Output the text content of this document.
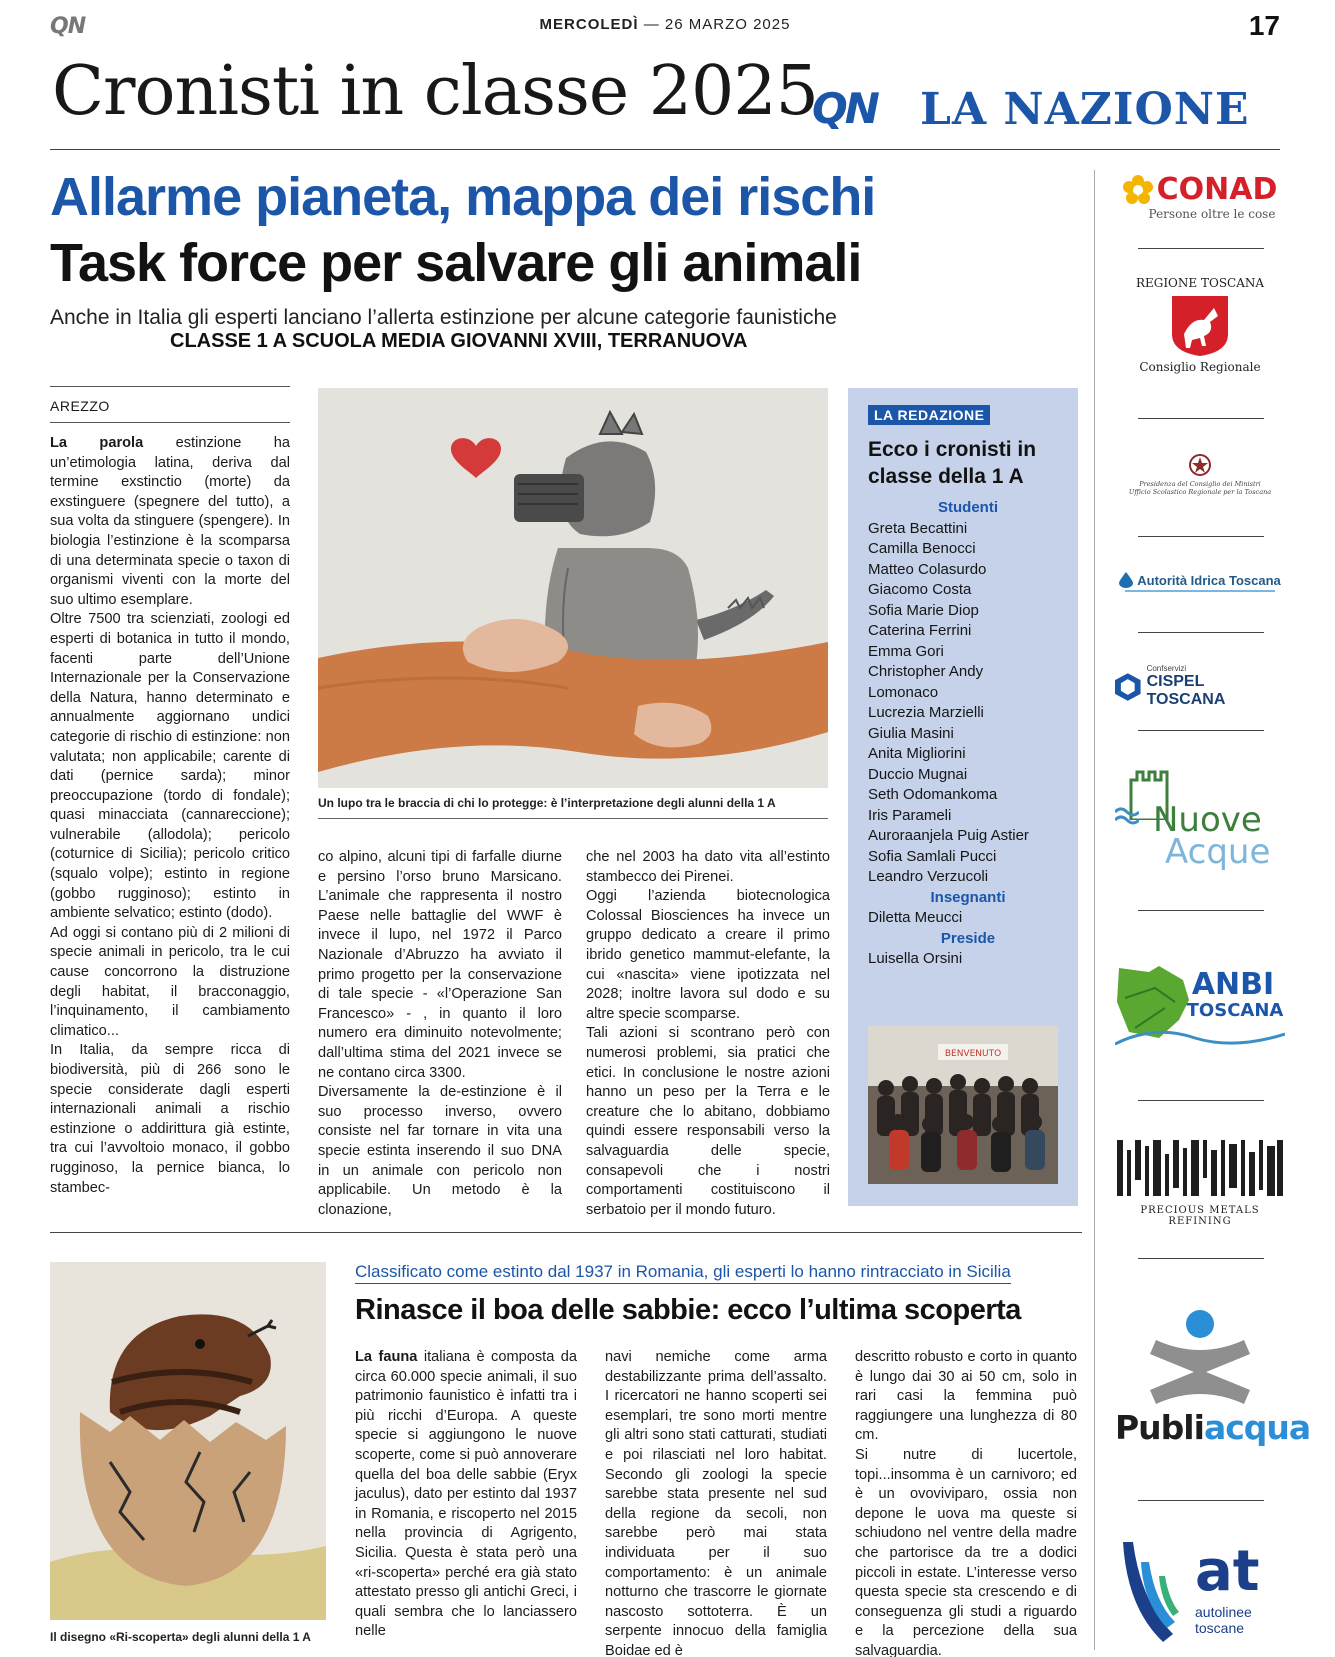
QN	MERCOLEDÌ — 26 MARZO 2025	17
Cronisti in classe 2025
QN LA NAZIONE
Allarme pianeta, mappa dei rischi
Task force per salvare gli animali
Anche in Italia gli esperti lanciano l’allerta estinzione per alcune categorie faunistiche
CLASSE 1 A SCUOLA MEDIA GIOVANNI XVIII, TERRANUOVA
AREZZO

La parola estinzione ha un’etimologia latina, deriva dal termine exstinctio (morte) da exstinguere (spegnere del tutto), a sua volta da stinguere (spengere). In biologia l’estinzione è la scomparsa di una determinata specie o taxon di organismi viventi con la morte del suo ultimo esemplare.

Oltre 7500 tra scienziati, zoologi ed esperti di botanica in tutto il mondo, facenti parte dell’Unione Internazionale per la Conservazione della Natura, hanno determinato e annualmente aggiornano undici categorie di rischio di estinzione: non valutata; non applicabile; carente di dati (pernice sarda); minor preoccupazione (tordo di fondale); quasi minacciata (cannareccione); vulnerabile (allodola); pericolo (coturnice di Sicilia); pericolo critico (squalo volpe); estinto in regione (gobbo rugginoso); estinto in ambiente selvatico; estinto (dodo).

Ad oggi si contano più di 2 milioni di specie animali in pericolo, tra le cui cause concorrono la distruzione degli habitat, il bracconaggio, l’inquinamento, il cambiamento climatico...

In Italia, da sempre ricca di biodiversità, più di 266 sono le specie considerate dagli esperti internazionali animali a rischio estinzione o addirittura già estinte, tra cui l’avvoltoio monaco, il gobbo rugginoso, la pernice bianca, lo stambec-

Un lupo tra le braccia di chi lo protegge: è l’interpretazione degli alunni della 1 A

co alpino, alcuni tipi di farfalle diurne e persino l’orso bruno Marsicano. L’animale che rappresenta il nostro Paese nelle battaglie del WWF è invece il lupo, nel 1972 il Parco Nazionale d’Abruzzo ha avviato il primo progetto per la conservazione di tale specie - «l’Operazione San Francesco» - , in quanto il loro numero era diminuito notevolmente; dall’ultima stima del 2021 invece se ne contano circa 3300.

Diversamente la de-estinzione è il suo processo inverso, ovvero consiste nel far tornare in vita una specie estinta inserendo il suo DNA in un animale con pericolo non applicabile. Un metodo è la clonazione,

che nel 2003 ha dato vita all’estinto stambecco dei Pirenei.

Oggi l’azienda biotecnologica Colossal Biosciences ha invece un gruppo dedicato a creare il primo ibrido genetico mammut-elefante, la cui «nascita» viene ipotizzata nel 2028; inoltre lavora sul dodo e su altre specie scomparse.

Tali azioni si scontrano però con numerosi problemi, sia pratici che etici. In conclusione le nostre azioni hanno un peso per la Terra e le creature che lo abitano, dobbiamo quindi essere responsabili verso la salvaguardia delle specie, consapevoli che i nostri comportamenti costituiscono il serbatoio per il mondo futuro.

LA REDAZIONE
Ecco i cronisti in classe della 1 A
Studenti
Greta Becattini
Camilla Benocci
Matteo Colasurdo
Giacomo Costa
Sofia Marie Diop
Caterina Ferrini
Emma Gori
Christopher Andy
Lomonaco
Lucrezia Marzielli
Giulia Masini
Anita Migliorini
Duccio Mugnai
Seth Odomankoma
Iris Parameli
Auroraanjela Puig Astier
Sofia Samlali Pucci
Leandro Verzucoli
Insegnanti
Diletta Meucci
Preside
Luisella Orsini
BENVENUTO
Il disegno «Ri-scoperta» degli alunni della 1 A
Classificato come estinto dal 1937 in Romania, gli esperti lo hanno rintracciato in Sicilia
Rinasce il boa delle sabbie: ecco l’ultima scoperta

La fauna italiana è composta da circa 60.000 specie animali, il suo patrimonio faunistico è infatti tra i più ricchi d’Europa. A queste specie si aggiungono le nuove scoperte, come si può annoverare quella del boa delle sabbie (Eryx jaculus), dato per estinto dal 1937 in Romania, e riscoperto nel 2015 nella provincia di Agrigento, Sicilia. Questa è stata però una «ri-scoperta» perché era già stato attestato presso gli antichi Greci, i quali sembra che lo lanciassero nelle

navi nemiche come arma destabilizzante prima dell’assalto. I ricercatori ne hanno scoperti sei esemplari, tre sono morti mentre gli altri sono stati catturati, studiati e poi rilasciati nel loro habitat. Secondo gli zoologi la specie sarebbe stata presente nel sud della regione da secoli, non sarebbe però mai stata individuata per il suo comportamento: è un animale notturno che trascorre le giornate nascosto sottoterra. È un serpente innocuo della famiglia Boidae ed è

descritto robusto e corto in quanto è lungo dai 30 ai 50 cm, solo in rari casi la femmina può raggiungere una lunghezza di 80 cm.

Si nutre di lucertole, topi...insomma è un carnivoro; ed è un ovoviviparo, ossia non depone le uova ma queste si schiudono nel ventre della madre che partorisce da tre a dodici piccoli in estate. L’interesse verso questa specie sta crescendo e di conseguenza gli studi a riguardo e la percezione della sua salvaguardia.

CONAD
Persone oltre le cose
REGIONE TOSCANA
Consiglio Regionale
Presidenza del Consiglio dei Ministri
Ufficio Scolastico Regionale per la Toscana
Autorità Idrica Toscana
Confservizi
CISPEL TOSCANA
Nuove
Acque
ANBI
TOSCANA
PRECIOUS METALS REFINING
Publiacqua
at
autolinee
toscane
